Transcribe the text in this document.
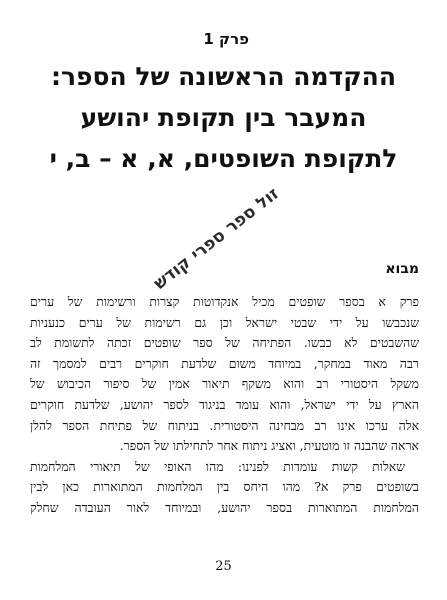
פרק 1
ההקדמה הראשונה של הספר:
המעבר בין תקופת יהושע
לתקופת השופטים, א, א – ב, י
מבוא
פרק א בספר שופטים מכיל אנקדוטות קצרות ורשימות של ערים
שנכבשו על ידי שבטי ישראל וכן גם רשימות של ערים כנעניות
שהשבטים לא כבשו. הפתיחה של ספר שופטים זכתה לתשומת לב
רבה מאוד במחקר, במיוחד משום שלדעת חוקרים רבים למסמך זה
משקל היסטורי רב והוא משקף תיאור אמין של סיפור הכיבוש של
הארץ על ידי ישראל, והוא עומד בניגוד לספר יהושע, שלדעת חוקרים
אלה ערכו אינו רב מבחינה היסטורית. בניתוח של פתיחת הספר להלן
אראה שהבנה זו מוטעית, ואציג ניתוח אחר לתחילתו של הספר.
שאלות קשות עומדות לפנינו: מהו האופי של תיאורי המלחמות
בשופטים פרק א? מהו היחס בין המלחמות המתוארות כאן לבין
המלחמות המתוארות בספר יהושע, ובמיוחד לאור העובדה שחלק
זול ספר ספרי קודש
25
